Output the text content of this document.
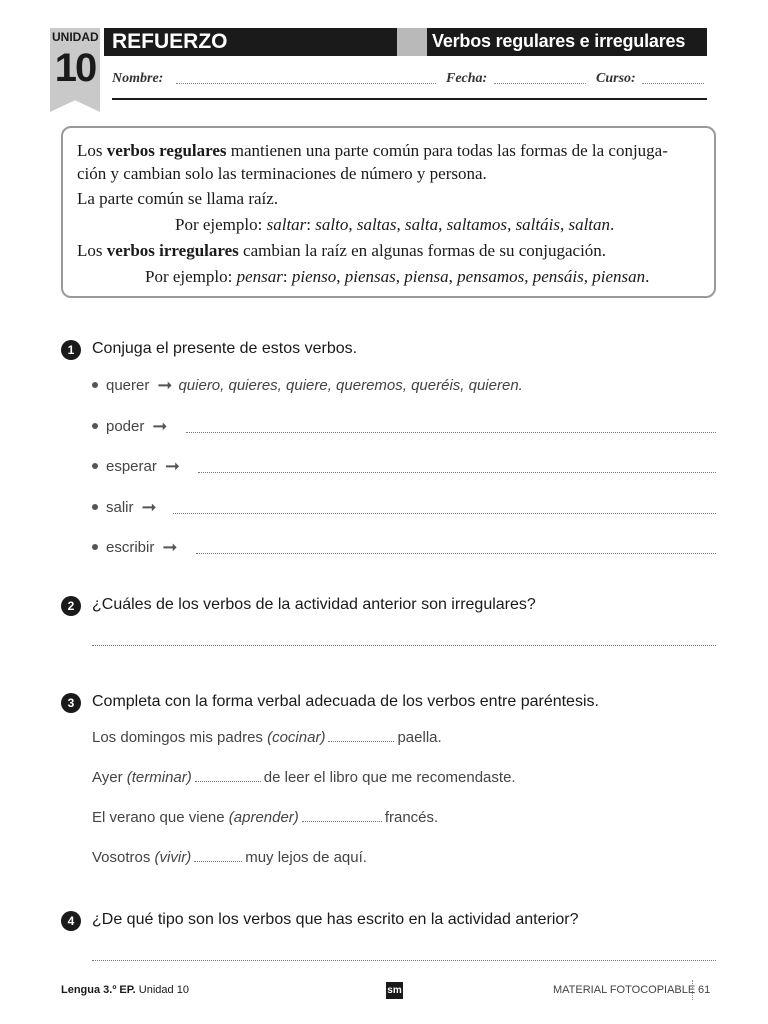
UNIDAD
10
REFUERZO	Verbos regulares e irregulares
Nombre:	Fecha:	Curso:
Los verbos regulares mantienen una parte común para todas las formas de la conjuga-
ción y cambian solo las terminaciones de número y persona.
La parte común se llama raíz.
Por ejemplo: saltar: salto, saltas, salta, saltamos, saltáis, saltan.
Los verbos irregulares cambian la raíz en algunas formas de su conjugación.
Por ejemplo: pensar: pienso, piensas, piensa, pensamos, pensáis, piensan.
1	Conjuga el presente de estos verbos.
querer ➞ quiero, quieres, quiere, queremos, queréis, quieren.
poder ➞
esperar ➞
salir ➞
escribir ➞
2	¿Cuáles de los verbos de la actividad anterior son irregulares?
3	Completa con la forma verbal adecuada de los verbos entre paréntesis.
Los domingos mis padres (cocinar)	paella.
Ayer (terminar)	de leer el libro que me recomendaste.
El verano que viene (aprender)	francés.
Vosotros (vivir)	muy lejos de aquí.
4	¿De qué tipo son los verbos que has escrito en la actividad anterior?
Lengua 3.º EP. Unidad 10	sm	MATERIAL FOTOCOPIABLE 61
